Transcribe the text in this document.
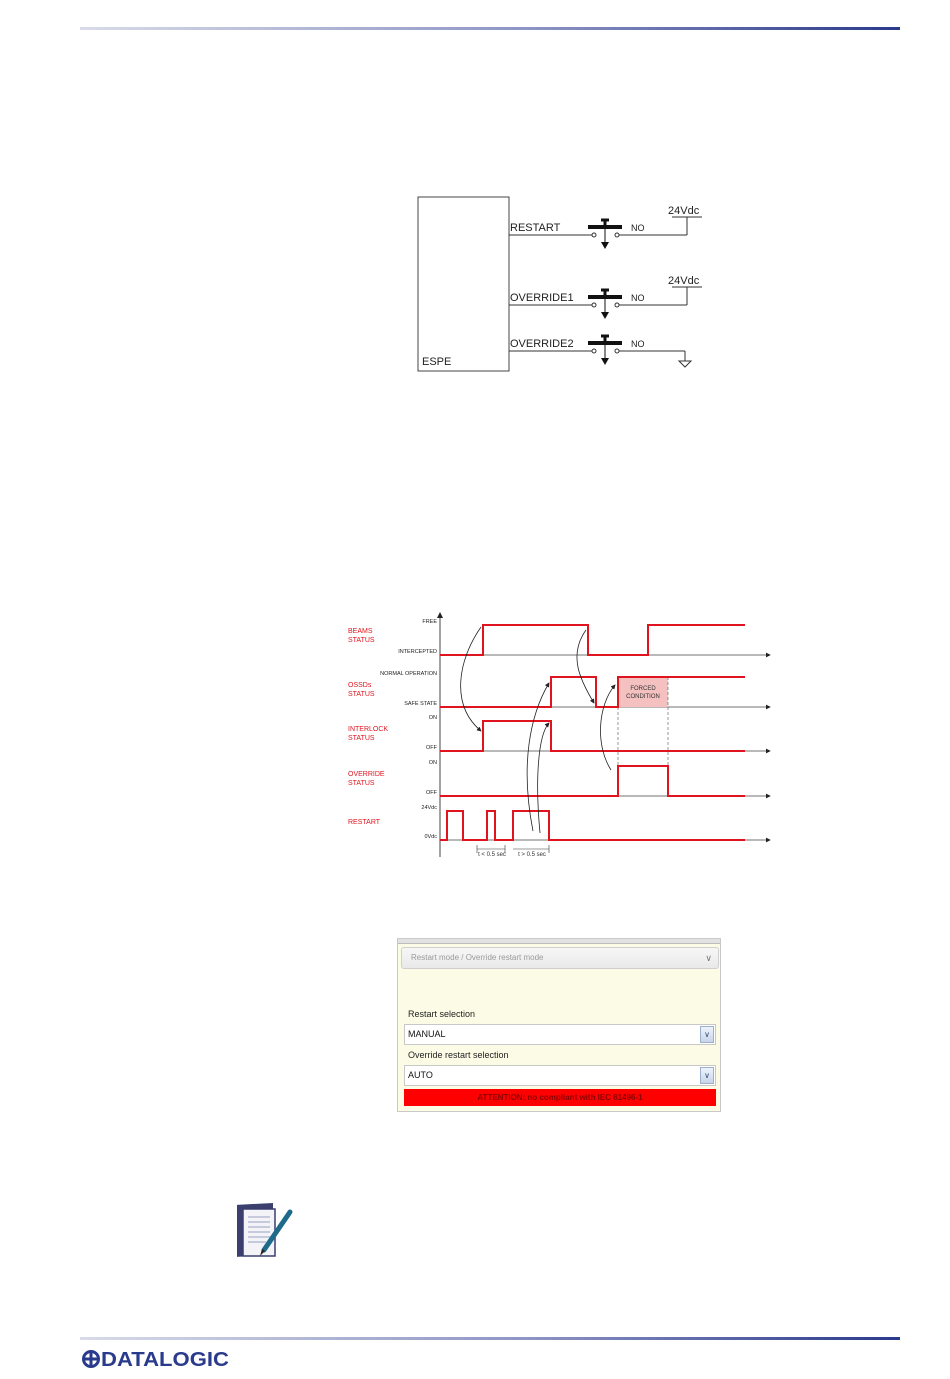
ESPE
RESTART	NO
24Vdc
OVERRIDE1	NO
24Vdc
OVERRIDE2	NO
FORCED
CONDITION
t < 0.5 sec t > 0.5 sec
BEAMS
STATUS
OSSDs
STATUS
INTERLOCK
STATUS
OVERRIDE
STATUS
RESTART
FREE
INTERCEPTED
NORMAL OPERATION
SAFE STATE
ON
OFF
ON
OFF
24Vdc
0Vdc
Restart mode / Override restart mode	∨
Restart selection
MANUAL	∨
Override restart selection
AUTO	∨
ATTENTION: no compliant with IEC 61496-1
DATALOGIC
